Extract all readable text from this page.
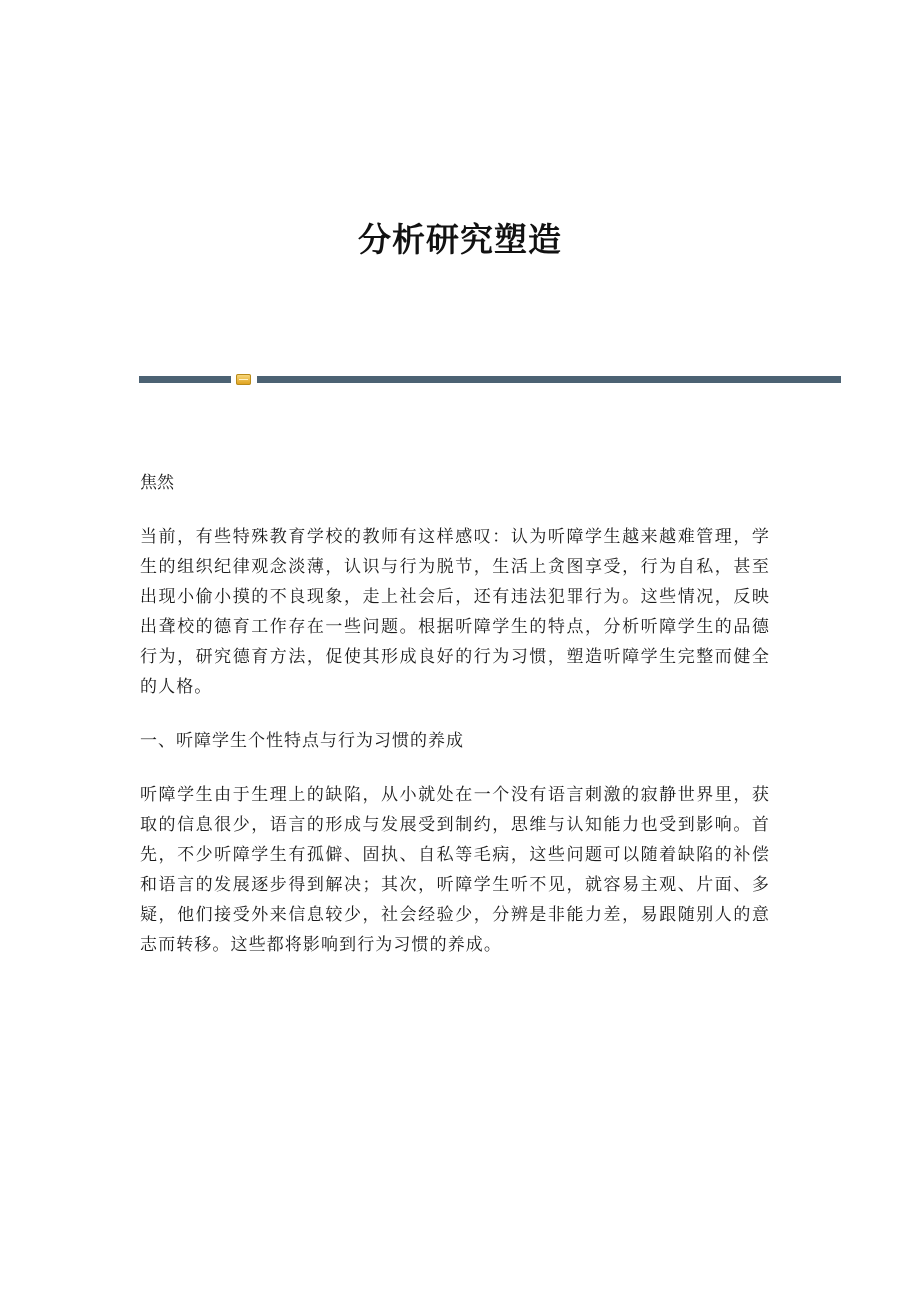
分析研究塑造
焦然
当前，有些特殊教育学校的教师有这样感叹：认为听障学生越来越难管理，学
生的组织纪律观念淡薄，认识与行为脱节，生活上贪图享受，行为自私，甚至
出现小偷小摸的不良现象，走上社会后，还有违法犯罪行为。这些情况，反映
出聋校的德育工作存在一些问题。根据听障学生的特点，分析听障学生的品德
行为，研究德育方法，促使其形成良好的行为习惯，塑造听障学生完整而健全
的人格。
一、听障学生个性特点与行为习惯的养成
听障学生由于生理上的缺陷，从小就处在一个没有语言刺激的寂静世界里，获
取的信息很少，语言的形成与发展受到制约，思维与认知能力也受到影响。首
先，不少听障学生有孤僻、固执、自私等毛病，这些问题可以随着缺陷的补偿
和语言的发展逐步得到解决；其次，听障学生听不见，就容易主观、片面、多
疑，他们接受外来信息较少，社会经验少，分辨是非能力差，易跟随别人的意
志而转移。这些都将影响到行为习惯的养成。
